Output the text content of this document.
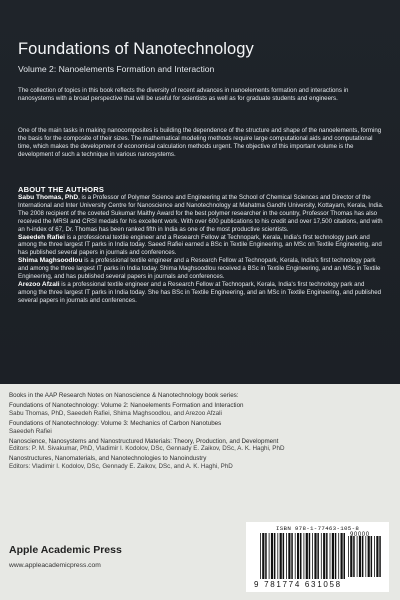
Foundations of Nanotechnology
Volume 2: Nanoelements Formation and Interaction

The collection of topics in this book reflects the diversity of recent advances in nanoelements formation and interactions in nanosystems with a broad perspective that will be useful for scientists as well as for graduate students and engineers.

One of the main tasks in making nanocomposites is building the dependence of the structure and shape of the nanoelements, forming the basis for the composite of their sizes. The mathematical modeling methods require large computational aids and computational time, which makes the development of economical calculation methods urgent. The objective of this important volume is the development of such a technique in various nanosystems.

ABOUT THE AUTHORS

Sabu Thomas, PhD, is a Professor of Polymer Science and Engineering at the School of Chemical Sciences and Director of the International and Inter University Centre for Nanoscience and Nanotechnology at Mahatma Gandhi University, Kottayam, Kerala, India. The 2008 recipient of the coveted Sukumar Maithy Award for the best polymer researcher in the country, Professor Thomas has also received the MRSI and CRSI medals for his excellent work. With over 600 publications to his credit and over 17,500 citations, and with an h-index of 67, Dr. Thomas has been ranked fifth in India as one of the most productive scientists.

Saeedeh Rafiei is a professional textile engineer and a Research Fellow at Technopark, Kerala, India's first technology park and among the three largest IT parks in India today. Saeed Rafiei earned a BSc in Textile Engineering, an MSc on Textile Engineering, and has published several papers in journals and conferences.

Shima Maghsoodlou is a professional textile engineer and a Research Fellow at Technopark, Kerala, India's first technology park and among the three largest IT parks in India today. Shima Maghsoodlou received a BSc in Textile Engineering, and an MSc in Textile Engineering, and has published several papers in journals and conferences.

Arezoo Afzali is a professional textile engineer and a Research Fellow at Technopark, Kerala, India's first technology park and among the three largest IT parks in India today. She has BSc in Textile Engineering, and an MSc in Textile Engineering, and published several papers in journals and conferences.

Books in the AAP Research Notes on Nanoscience & Nanotechnology book series:

Foundations of Nanotechnology: Volume 2: Nanoelements Formation and Interaction
Sabu Thomas, PhD, Saeedeh Rafiei, Shima Maghsoodlou, and Arezoo Afzali
Foundations of Nanotechnology: Volume 3: Mechanics of Carbon Nanotubes
Saeedeh Rafiei
Nanoscience, Nanosystems and Nanostructured Materials: Theory, Production, and Development
Editors: P. M. Sivakumar, PhD, Vladimir I. Kodolov, DSc, Gennady E. Zaikov, DSc, A. K. Haghi, PhD
Nanostructures, Nanomaterials, and Nanotechnologies to Nanoindustry
Editors: Vladimir I. Kodolov, DSc, Gennady E. Zaikov, DSc, and A. K. Haghi, PhD
Apple Academic Press
www.appleacademicpress.com
ISBN 978-1-77463-105-8
90000
9 781774 631058
